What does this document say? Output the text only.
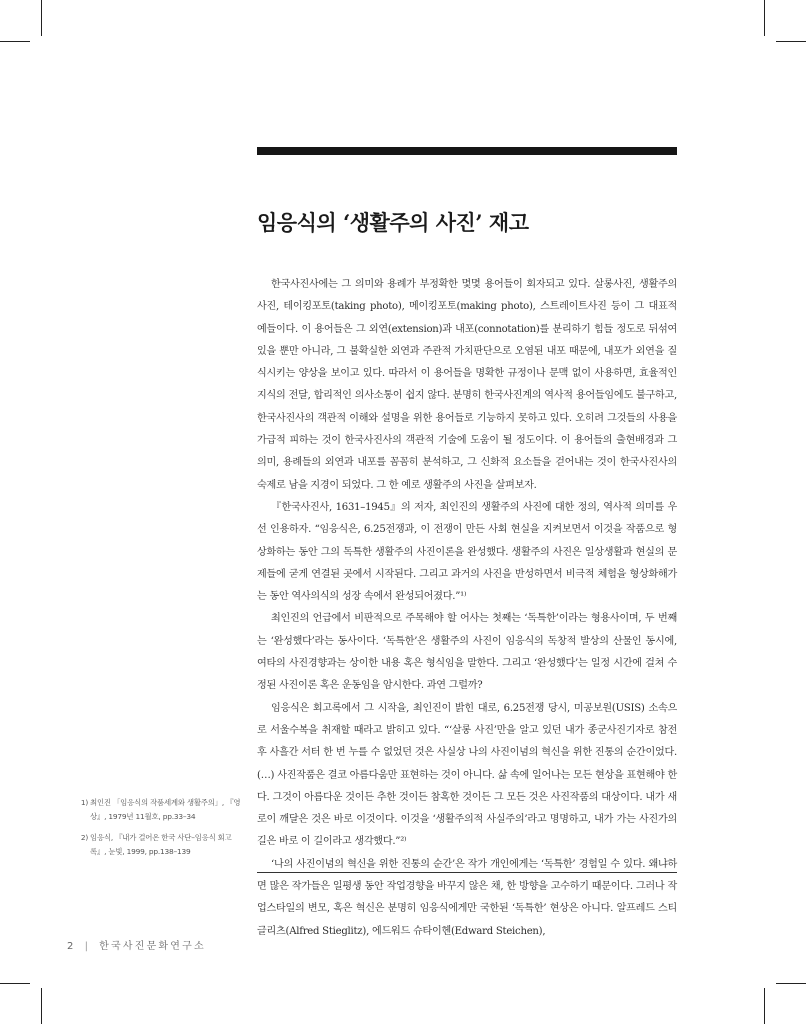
임응식의 ‘생활주의 사진’ 재고

한국사진사에는 그 의미와 용례가 부정확한 몇몇 용어들이 회자되고 있다. 살롱사진, 생활주의 사진, 테이킹포토(taking photo), 메이킹포토(making photo), 스트레이트사진 등이 그 대표적 예들이다. 이 용어들은 그 외연(extension)과 내포(connotation)를 분리하기 힘들 정도로 뒤섞여 있을 뿐만 아니라, 그 불확실한 외연과 주관적 가치판단으로 오염된 내포 때문에, 내포가 외연을 질식시키는 양상을 보이고 있다. 따라서 이 용어들을 명확한 규정이나 문맥 없이 사용하면, 효율적인 지식의 전달, 합리적인 의사소통이 쉽지 않다. 분명히 한국사진계의 역사적 용어들임에도 불구하고, 한국사진사의 객관적 이해와 설명을 위한 용어들로 기능하지 못하고 있다. 오히려 그것들의 사용을 가급적 피하는 것이 한국사진사의 객관적 기술에 도움이 될 정도이다. 이 용어들의 출현배경과 그 의미, 용례들의 외연과 내포를 꼼꼼히 분석하고, 그 신화적 요소들을 걷어내는 것이 한국사진사의 숙제로 남을 지경이 되었다. 그 한 예로 생활주의 사진을 살펴보자.

『한국사진사, 1631–1945』의 저자, 최인진의 생활주의 사진에 대한 정의, 역사적 의미를 우선 인용하자. “임응식은, 6.25전쟁과, 이 전쟁이 만든 사회 현실을 지켜보면서 이것을 작품으로 형상화하는 동안 그의 독특한 생활주의 사진이론을 완성했다. 생활주의 사진은 일상생활과 현실의 문제들에 굳게 연결된 곳에서 시작된다. 그리고 과거의 사진을 반성하면서 비극적 체험을 형상화해가는 동안 역사의식의 성장 속에서 완성되어졌다.”¹⁾

최인진의 언급에서 비판적으로 주목해야 할 어사는 첫째는 ‘독특한’이라는 형용사이며, 두 번째는 ‘완성했다’라는 동사이다. ‘독특한’은 생활주의 사진이 임응식의 독창적 발상의 산물인 동시에, 여타의 사진경향과는 상이한 내용 혹은 형식임을 말한다. 그리고 ‘완성했다’는 일정 시간에 걸쳐 수정된 사진이론 혹은 운동임을 암시한다. 과연 그럴까?

임응식은 회고록에서 그 시작을, 최인진이 밝힌 대로, 6.25전쟁 당시, 미공보원(USIS) 소속으로 서울수복을 취재할 때라고 밝히고 있다. “‘살롱 사진’만을 알고 있던 내가 종군사진기자로 참전 후 사흘간 서터 한 번 누를 수 없었던 것은 사실상 나의 사진이념의 혁신을 위한 진통의 순간이었다. (…) 사진작품은 결코 아름다움만 표현하는 것이 아니다. 삶 속에 일어나는 모든 현상을 표현해야 한다. 그것이 아름다운 것이든 추한 것이든 참혹한 것이든 그 모든 것은 사진작품의 대상이다. 내가 새로이 깨달은 것은 바로 이것이다. 이것을 ‘생활주의적 사실주의’라고 명명하고, 내가 가는 사진가의 길은 바로 이 길이라고 생각했다.”²⁾

‘나의 사진이념의 혁신을 위한 진통의 순간’은 작가 개인에게는 ‘독특한’ 경험일 수 있다. 왜냐하면 많은 작가들은 일평생 동안 작업경향을 바꾸지 않은 채, 한 방향을 고수하기 때문이다. 그러나 작업스타일의 변모, 혹은 혁신은 분명히 임응식에게만 국한된 ‘독특한’ 현상은 아니다. 알프레드 스티글리츠(Alfred Stieglitz), 에드워드 슈타이헨(Edward Steichen),

1) 최인진 「임응식의 작품세계와 생활주의」, 『영상』, 1979년 11월호, pp.33–34

2) 임응식, 『내가 걸어온 한국 사단–임응식 회고록』, 눈빛, 1999, pp.138–139

2 | 한국사진문화연구소
